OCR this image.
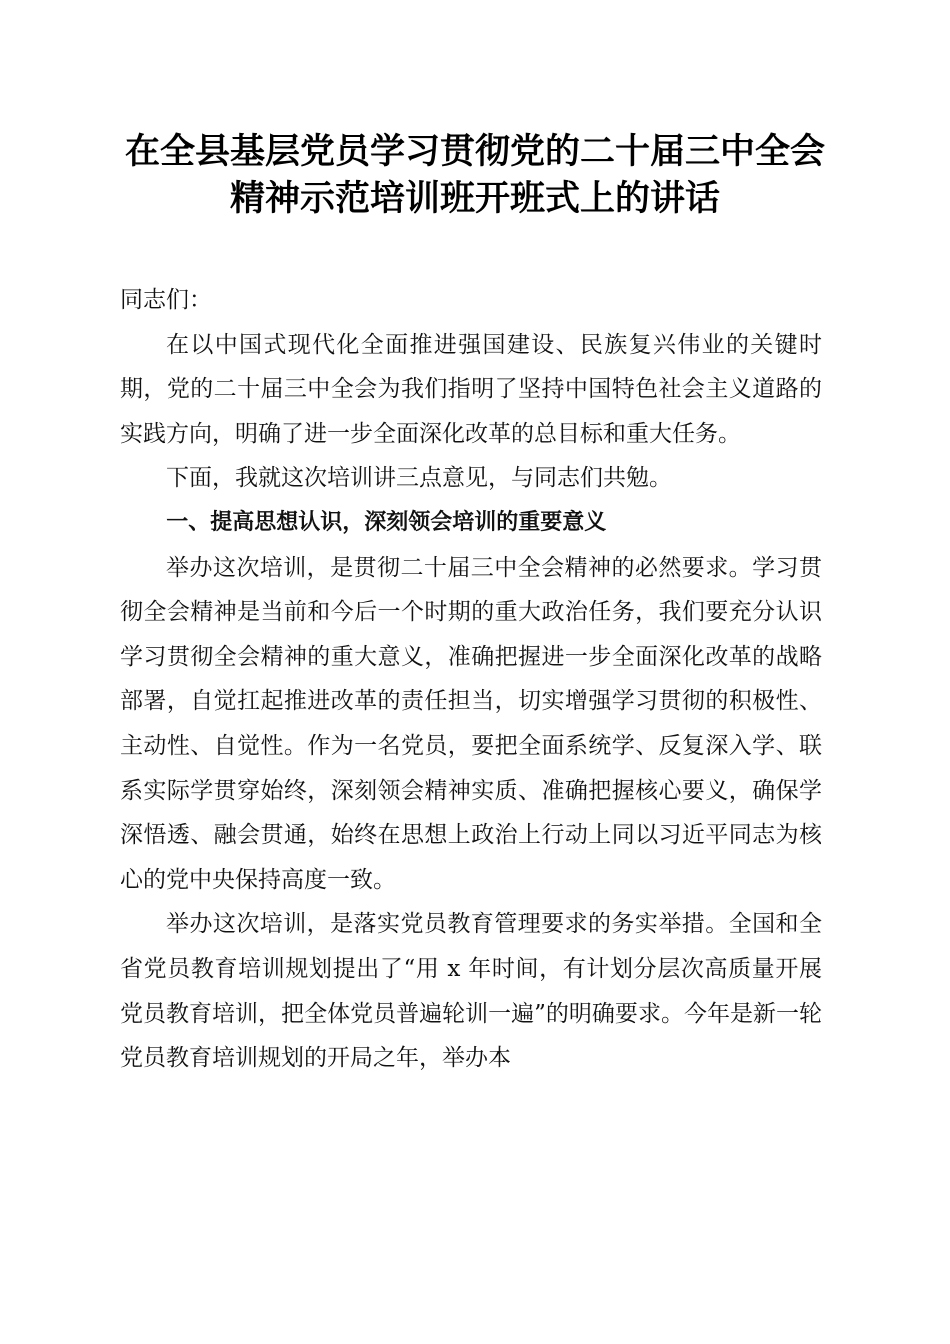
在全县基层党员学习贯彻党的二十届三中全会
精神示范培训班开班式上的讲话

同志们：

在以中国式现代化全面推进强国建设、民族复兴伟业的关键时期，党的二十届三中全会为我们指明了坚持中国特色社会主义道路的实践方向，明确了进一步全面深化改革的总目标和重大任务。

下面，我就这次培训讲三点意见，与同志们共勉。

一、提高思想认识，深刻领会培训的重要意义

举办这次培训，是贯彻二十届三中全会精神的必然要求。学习贯彻全会精神是当前和今后一个时期的重大政治任务，我们要充分认识学习贯彻全会精神的重大意义，准确把握进一步全面深化改革的战略部署，自觉扛起推进改革的责任担当，切实增强学习贯彻的积极性、主动性、自觉性。作为一名党员，要把全面系统学、反复深入学、联系实际学贯穿始终，深刻领会精神实质、准确把握核心要义，确保学深悟透、融会贯通，始终在思想上政治上行动上同以习近平同志为核心的党中央保持高度一致。

举办这次培训，是落实党员教育管理要求的务实举措。全国和全省党员教育培训规划提出了“用 x 年时间，有计划分层次高质量开展党员教育培训，把全体党员普遍轮训一遍”的明确要求。今年是新一轮党员教育培训规划的开局之年，举办本
